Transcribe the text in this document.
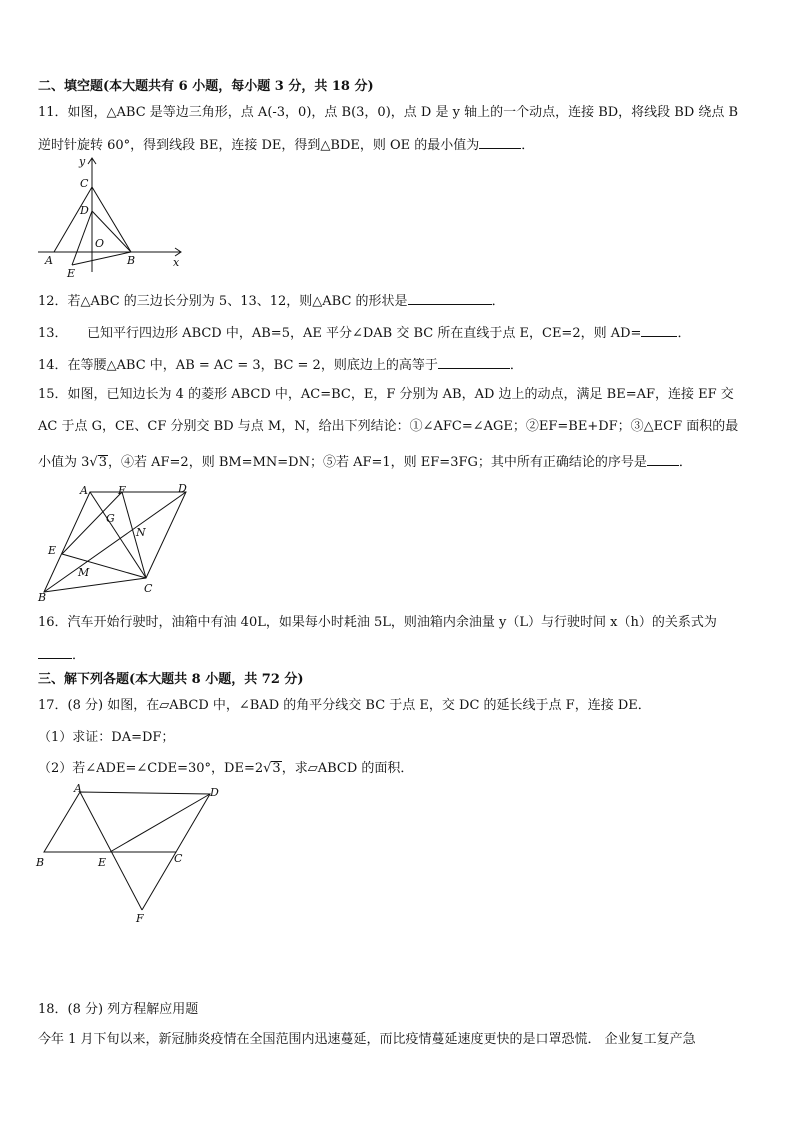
二、填空题(本大题共有 6 小题，每小题 3 分，共 18 分)
11．如图，△ABC 是等边三角形，点 A(-3，0)，点 B(3，0)，点 D 是 y 轴上的一个动点，连接 BD，将线段 BD 绕点 B
逆时针旋转 60°，得到线段 BE，连接 DE，得到△BDE，则 OE 的最小值为	．
y
C
D
O
A	B	x
E
12．若△ABC 的三边长分别为 5、13、12，则△ABC 的形状是	．
13．　　已知平行四边形 ABCD 中，AB=5，AE 平分∠DAB 交 BC 所在直线于点 E，CE=2，则 AD=	．
14．在等腰△ABC 中，AB = AC = 3，BC = 2，则底边上的高等于	．
15．如图，已知边长为 4 的菱形 ABCD 中，AC=BC，E，F 分别为 AB，AD 边上的动点，满足 BE=AF，连接 EF 交
AC 于点 G，CE、CF 分别交 BD 与点 M，N，给出下列结论：①∠AFC=∠AGE；②EF=BE+DF；③△ECF 面积的最
小值为 3√3，④若 AF=2，则 BM=MN=DN；⑤若 AF=1，则 EF=3FG；其中所有正确结论的序号是 ．
A	F	D
G
N
E
M
C
B
16．汽车开始行驶时，油箱中有油 40L，如果每小时耗油 5L，则油箱内余油量 y（L）与行驶时间 x（h）的关系式为
．
三、解下列各题(本大题共 8 小题，共 72 分)
17．(8 分) 如图，在▱ABCD 中，∠BAD 的角平分线交 BC 于点 E，交 DC 的延长线于点 F，连接 DE．
（1）求证：DA=DF；
（2）若∠ADE=∠CDE=30°，DE=2√3，求▱ABCD 的面积．
A	D
B	E	C
F
18．(8 分) 列方程解应用题
今年 1 月下旬以来，新冠肺炎疫情在全国范围内迅速蔓延，而比疫情蔓延速度更快的是口罩恐慌． 企业复工复产急
